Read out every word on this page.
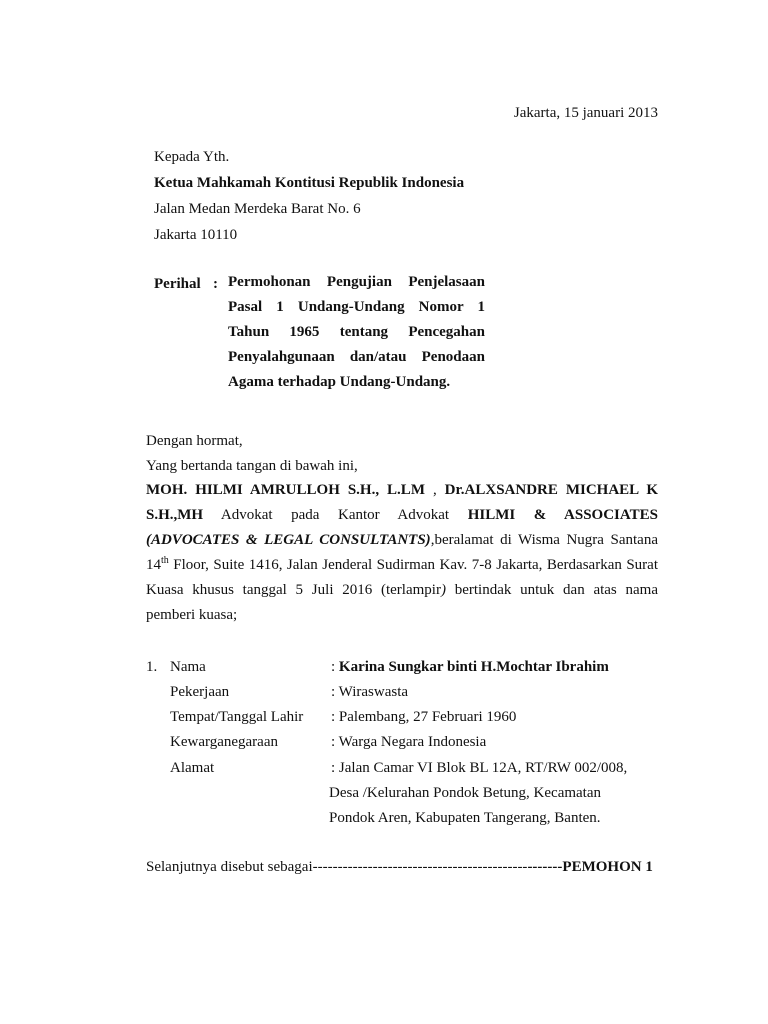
Jakarta, 15 januari 2013
Kepada Yth.
Ketua Mahkamah Kontitusi Republik Indonesia
Jalan Medan Merdeka Barat No. 6
Jakarta 10110
Perihal : Permohonan Pengujian Penjelasaan
Pasal 1 Undang-Undang Nomor 1
Tahun 1965 tentang Pencegahan
Penyalahgunaan dan/atau Penodaan
Agama terhadap Undang-Undang.
Dengan hormat,
Yang bertanda tangan di bawah ini,
MOH. HILMI AMRULLOH S.H., L.LM , Dr.ALXSANDRE MICHAEL K
S.H.,MH Advokat pada Kantor Advokat HILMI & ASSOCIATES
(ADVOCATES & LEGAL CONSULTANTS),beralamat di Wisma Nugra Santana
14th Floor, Suite 1416, Jalan Jenderal Sudirman Kav. 7-8 Jakarta, Berdasarkan Surat
Kuasa khusus tanggal 5 Juli 2016 (terlampir) bertindak untuk dan atas nama
pemberi kuasa;
1. Nama	: Karina Sungkar binti H.Mochtar Ibrahim
Pekerjaan	: Wiraswasta
Tempat/Tanggal Lahir : Palembang, 27 Februari 1960
Kewarganegaraan	: Warga Negara Indonesia
Alamat	: Jalan Camar VI Blok BL 12A, RT/RW 002/008,
Desa /Kelurahan Pondok Betung, Kecamatan
Pondok Aren, Kabupaten Tangerang, Banten.
Selanjutnya disebut sebagai--------------------------------------------------PEMOHON 1
